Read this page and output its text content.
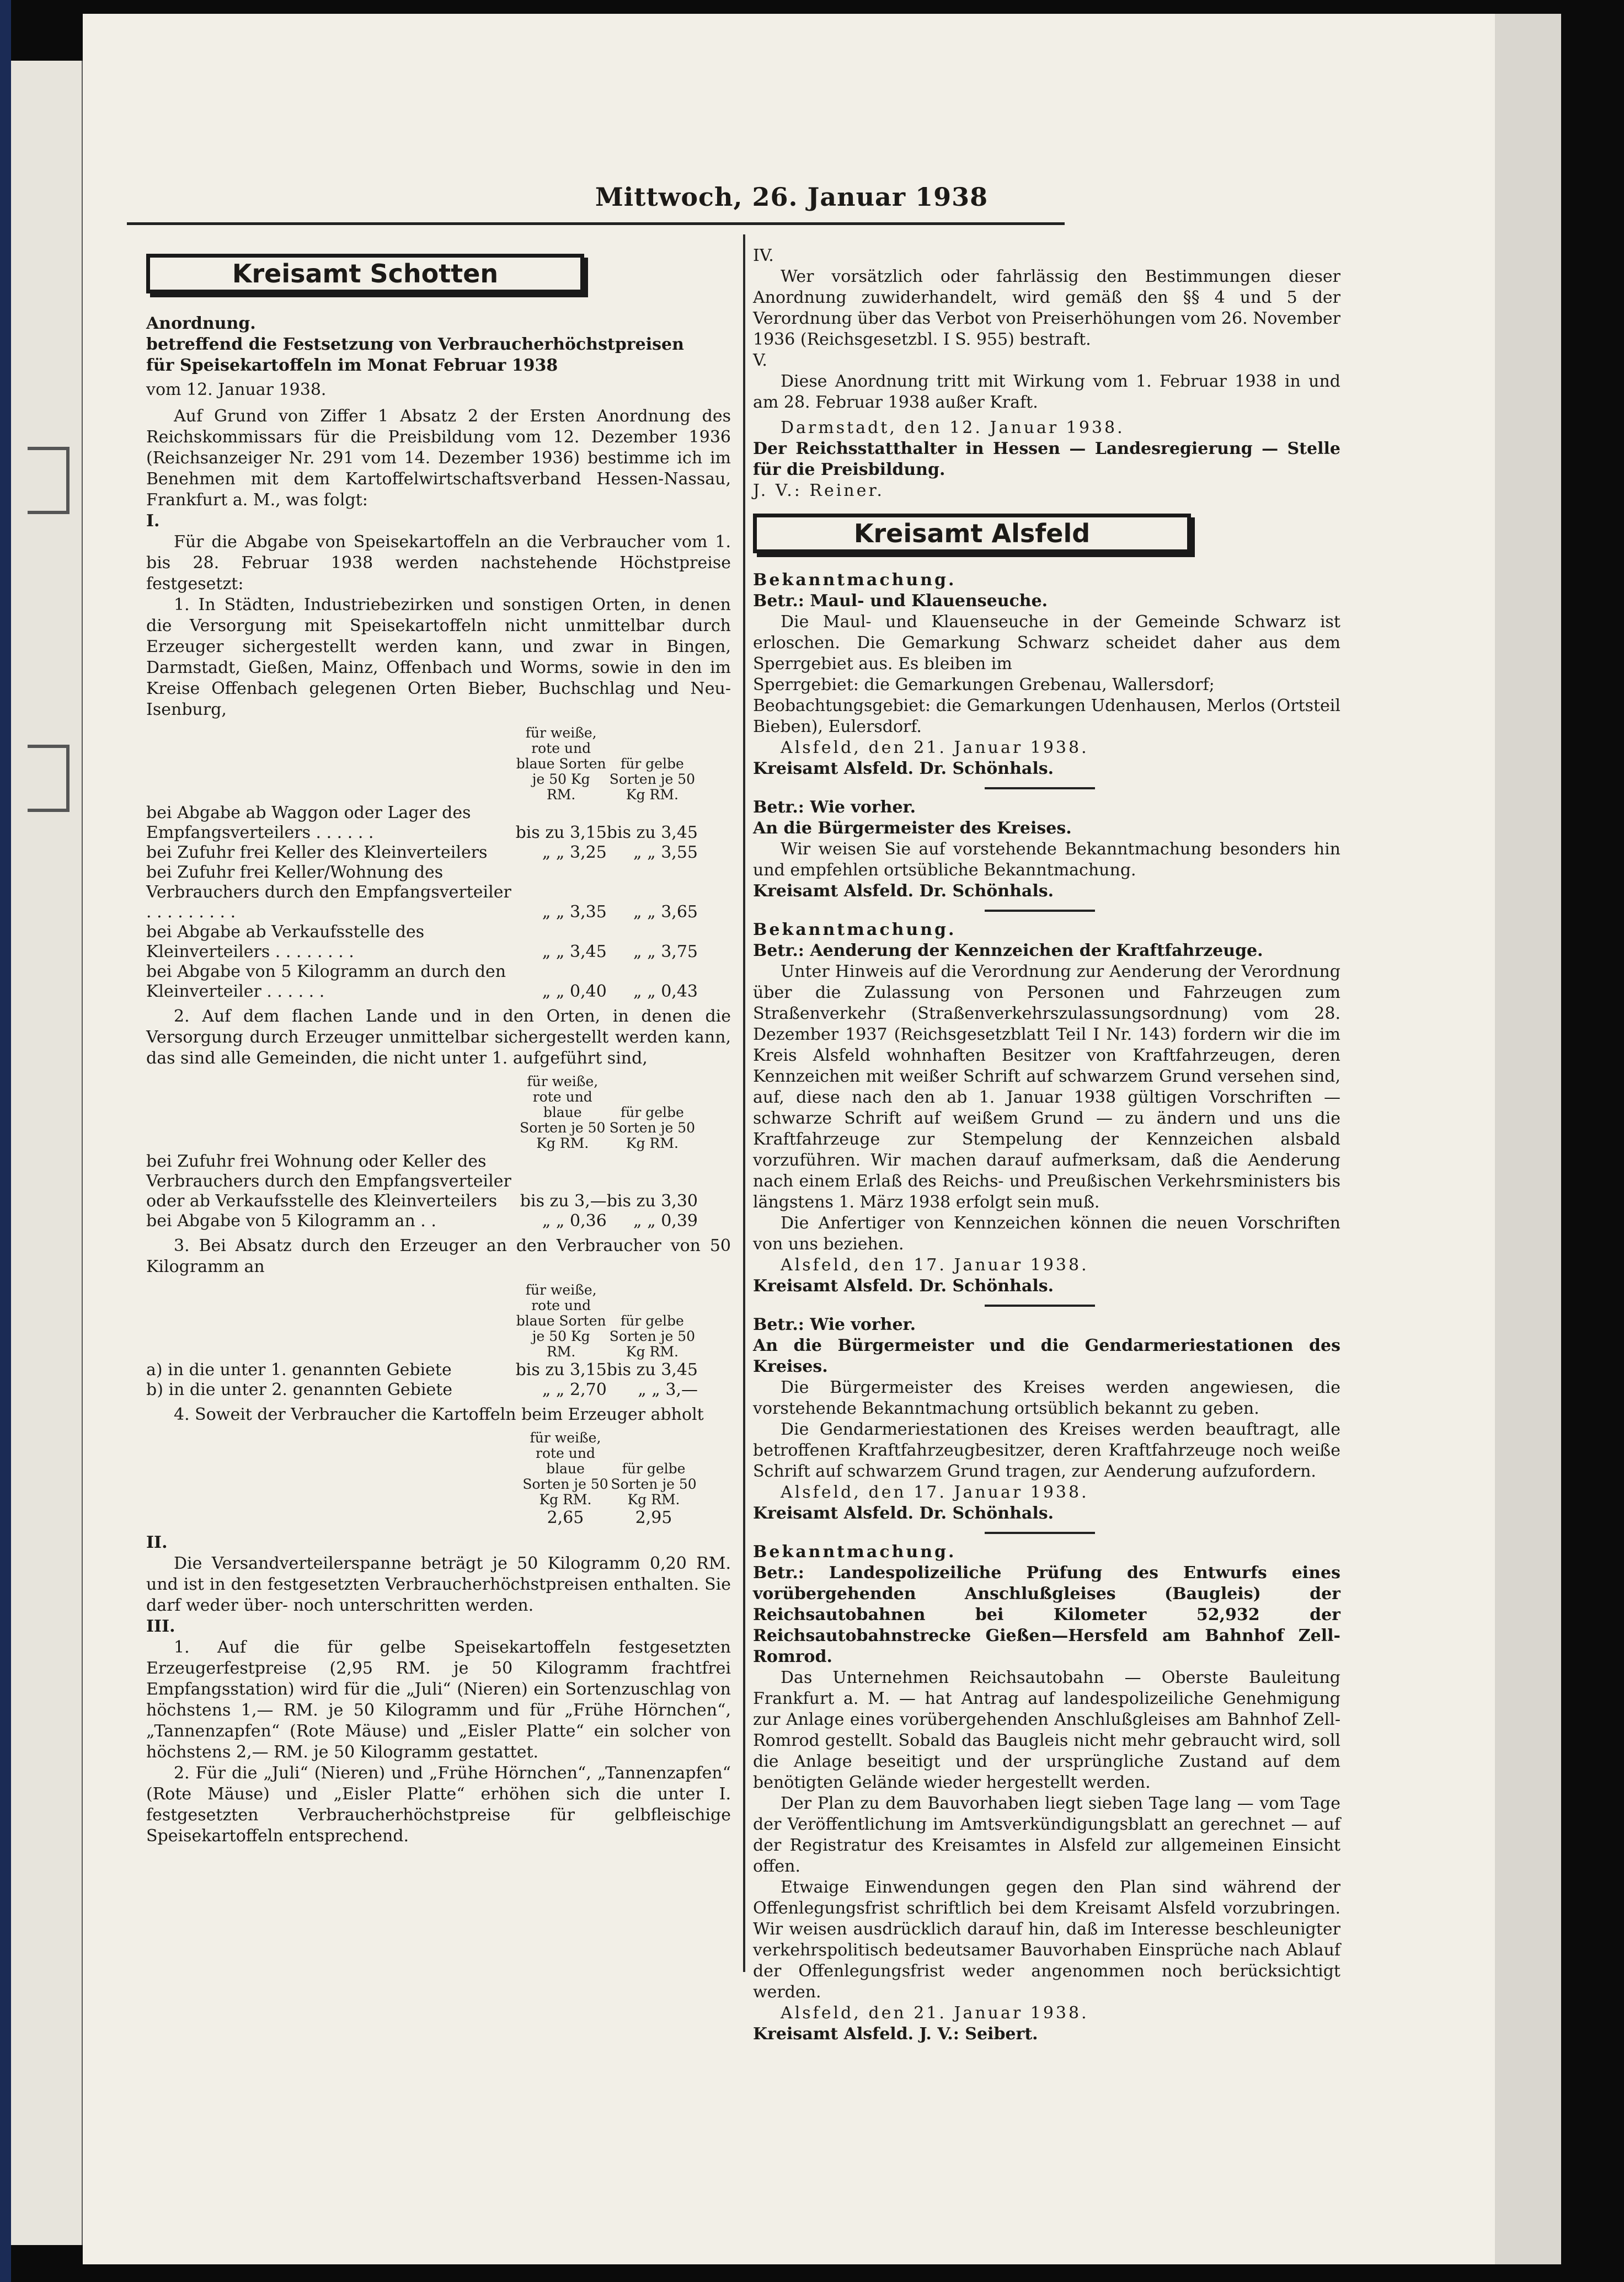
Mittwoch, 26. Januar 1938
Kreisamt Schotten

Anordnung.

betreffend die Festsetzung von Verbraucherhöchstpreisen

für Speisekartoffeln im Monat Februar 1938

vom 12. Januar 1938.

Auf Grund von Ziffer 1 Absatz 2 der Ersten Anordnung des Reichskommissars für die Preisbildung vom 12. Dezember 1936 (Reichsanzeiger Nr. 291 vom 14. Dezember 1936) bestimme ich im Benehmen mit dem Kartoffelwirtschaftsverband Hessen-Nassau, Frankfurt a. M., was folgt:

I.

Für die Abgabe von Speisekartoffeln an die Verbraucher vom 1. bis 28. Februar 1938 werden nachstehende Höchstpreise festgesetzt:

1. In Städten, Industriebezirken und sonstigen Orten, in denen die Versorgung mit Speisekartoffeln nicht unmittelbar durch Erzeuger sichergestellt werden kann, und zwar in Bingen, Darmstadt, Gießen, Mainz, Offenbach und Worms, sowie in den im Kreise Offenbach gelegenen Orten Bieber, Buchschlag und Neu-Isenburg,

	für weiße, rote und blaue Sorten je 50 Kg RM.	für gelbe Sorten je 50 Kg RM.
bei Abgabe ab Waggon oder Lager des Empfangsverteilers . . . . . .	bis zu 3,15	bis zu 3,45
bei Zufuhr frei Keller des Kleinverteilers	„ „ 3,25	„ „ 3,55
bei Zufuhr frei Keller/Wohnung des Verbrauchers durch den Empfangsverteiler . . . . . . . . .	„ „ 3,35	„ „ 3,65
bei Abgabe ab Verkaufsstelle des Kleinverteilers . . . . . . . .	„ „ 3,45	„ „ 3,75
bei Abgabe von 5 Kilogramm an durch den Kleinverteiler . . . . . .	„ „ 0,40	„ „ 0,43

2. Auf dem flachen Lande und in den Orten, in denen die Versorgung durch Erzeuger unmittelbar sichergestellt werden kann, das sind alle Gemeinden, die nicht unter 1. aufgeführt sind,

	für weiße, rote und blaue Sorten je 50 Kg RM.	für gelbe Sorten je 50 Kg RM.
bei Zufuhr frei Wohnung oder Keller des Verbrauchers durch den Empfangsverteiler oder ab Verkaufsstelle des Kleinverteilers	bis zu 3,—	bis zu 3,30
bei Abgabe von 5 Kilogramm an . .	„ „ 0,36	„ „ 0,39

3. Bei Absatz durch den Erzeuger an den Verbraucher von 50 Kilogramm an

	für weiße, rote und blaue Sorten je 50 Kg RM.	für gelbe Sorten je 50 Kg RM.
a) in die unter 1. genannten Gebiete	bis zu 3,15	bis zu 3,45
b) in die unter 2. genannten Gebiete	„ „ 2,70	„ „ 3,—

4. Soweit der Verbraucher die Kartoffeln beim Erzeuger abholt

	für weiße, rote und blaue Sorten je 50 Kg RM.	für gelbe Sorten je 50 Kg RM.
	2,65	2,95

II.

Die Versandverteilerspanne beträgt je 50 Kilogramm 0,20 RM. und ist in den festgesetzten Verbraucherhöchstpreisen enthalten. Sie darf weder über- noch unterschritten werden.

III.

1. Auf die für gelbe Speisekartoffeln festgesetzten Erzeugerfestpreise (2,95 RM. je 50 Kilogramm frachtfrei Empfangsstation) wird für die „Juli“ (Nieren) ein Sortenzuschlag von höchstens 1,— RM. je 50 Kilogramm und für „Frühe Hörnchen“, „Tannenzapfen“ (Rote Mäuse) und „Eisler Platte“ ein solcher von höchstens 2,— RM. je 50 Kilogramm gestattet.

2. Für die „Juli“ (Nieren) und „Frühe Hörnchen“, „Tannenzapfen“ (Rote Mäuse) und „Eisler Platte“ erhöhen sich die unter I. festgesetzten Verbraucherhöchstpreise für gelbfleischige Speisekartoffeln entsprechend.

IV.

Wer vorsätzlich oder fahrlässig den Bestimmungen dieser Anordnung zuwiderhandelt, wird gemäß den §§ 4 und 5 der Verordnung über das Verbot von Preiserhöhungen vom 26. November 1936 (Reichsgesetzbl. I S. 955) bestraft.

V.

Diese Anordnung tritt mit Wirkung vom 1. Februar 1938 in und am 28. Februar 1938 außer Kraft.

Darmstadt, den 12. Januar 1938.

Der Reichsstatthalter in Hessen — Landesregierung — Stelle für die Preisbildung.

J. V.: Reiner.

Kreisamt Alsfeld

Bekanntmachung.

Betr.: Maul- und Klauenseuche.

Die Maul- und Klauenseuche in der Gemeinde Schwarz ist erloschen. Die Gemarkung Schwarz scheidet daher aus dem Sperrgebiet aus. Es bleiben im

Sperrgebiet: die Gemarkungen Grebenau, Wallersdorf;

Beobachtungsgebiet: die Gemarkungen Udenhausen, Merlos (Ortsteil Bieben), Eulersdorf.

Alsfeld, den 21. Januar 1938.

Kreisamt Alsfeld. Dr. Schönhals.

Betr.: Wie vorher.

An die Bürgermeister des Kreises.

Wir weisen Sie auf vorstehende Bekanntmachung besonders hin und empfehlen ortsübliche Bekanntmachung.

Kreisamt Alsfeld. Dr. Schönhals.

Bekanntmachung.

Betr.: Aenderung der Kennzeichen der Kraftfahrzeuge.

Unter Hinweis auf die Verordnung zur Aenderung der Verordnung über die Zulassung von Personen und Fahrzeugen zum Straßenverkehr (Straßenverkehrszulassungsordnung) vom 28. Dezember 1937 (Reichsgesetzblatt Teil I Nr. 143) fordern wir die im Kreis Alsfeld wohnhaften Besitzer von Kraftfahrzeugen, deren Kennzeichen mit weißer Schrift auf schwarzem Grund versehen sind, auf, diese nach den ab 1. Januar 1938 gültigen Vorschriften — schwarze Schrift auf weißem Grund — zu ändern und uns die Kraftfahrzeuge zur Stempelung der Kennzeichen alsbald vorzuführen. Wir machen darauf aufmerksam, daß die Aenderung nach einem Erlaß des Reichs- und Preußischen Verkehrsministers bis längstens 1. März 1938 erfolgt sein muß.

Die Anfertiger von Kennzeichen können die neuen Vorschriften von uns beziehen.

Alsfeld, den 17. Januar 1938.

Kreisamt Alsfeld. Dr. Schönhals.

Betr.: Wie vorher.

An die Bürgermeister und die Gendarmeriestationen des Kreises.

Die Bürgermeister des Kreises werden angewiesen, die vorstehende Bekanntmachung ortsüblich bekannt zu geben.

Die Gendarmeriestationen des Kreises werden beauftragt, alle betroffenen Kraftfahrzeugbesitzer, deren Kraftfahrzeuge noch weiße Schrift auf schwarzem Grund tragen, zur Aenderung aufzufordern.

Alsfeld, den 17. Januar 1938.

Kreisamt Alsfeld. Dr. Schönhals.

Bekanntmachung.

Betr.: Landespolizeiliche Prüfung des Entwurfs eines vorübergehenden Anschlußgleises (Baugleis) der Reichsautobahnen bei Kilometer 52,932 der Reichsautobahnstrecke Gießen—Hersfeld am Bahnhof Zell-Romrod.

Das Unternehmen Reichsautobahn — Oberste Bauleitung Frankfurt a. M. — hat Antrag auf landespolizeiliche Genehmigung zur Anlage eines vorübergehenden Anschlußgleises am Bahnhof Zell-Romrod gestellt. Sobald das Baugleis nicht mehr gebraucht wird, soll die Anlage beseitigt und der ursprüngliche Zustand auf dem benötigten Gelände wieder hergestellt werden.

Der Plan zu dem Bauvorhaben liegt sieben Tage lang — vom Tage der Veröffentlichung im Amtsverkündigungsblatt an gerechnet — auf der Registratur des Kreisamtes in Alsfeld zur allgemeinen Einsicht offen.

Etwaige Einwendungen gegen den Plan sind während der Offenlegungsfrist schriftlich bei dem Kreisamt Alsfeld vorzubringen. Wir weisen ausdrücklich darauf hin, daß im Interesse beschleunigter verkehrspolitisch bedeutsamer Bauvorhaben Einsprüche nach Ablauf der Offenlegungsfrist weder angenommen noch berücksichtigt werden.

Alsfeld, den 21. Januar 1938.

Kreisamt Alsfeld. J. V.: Seibert.
